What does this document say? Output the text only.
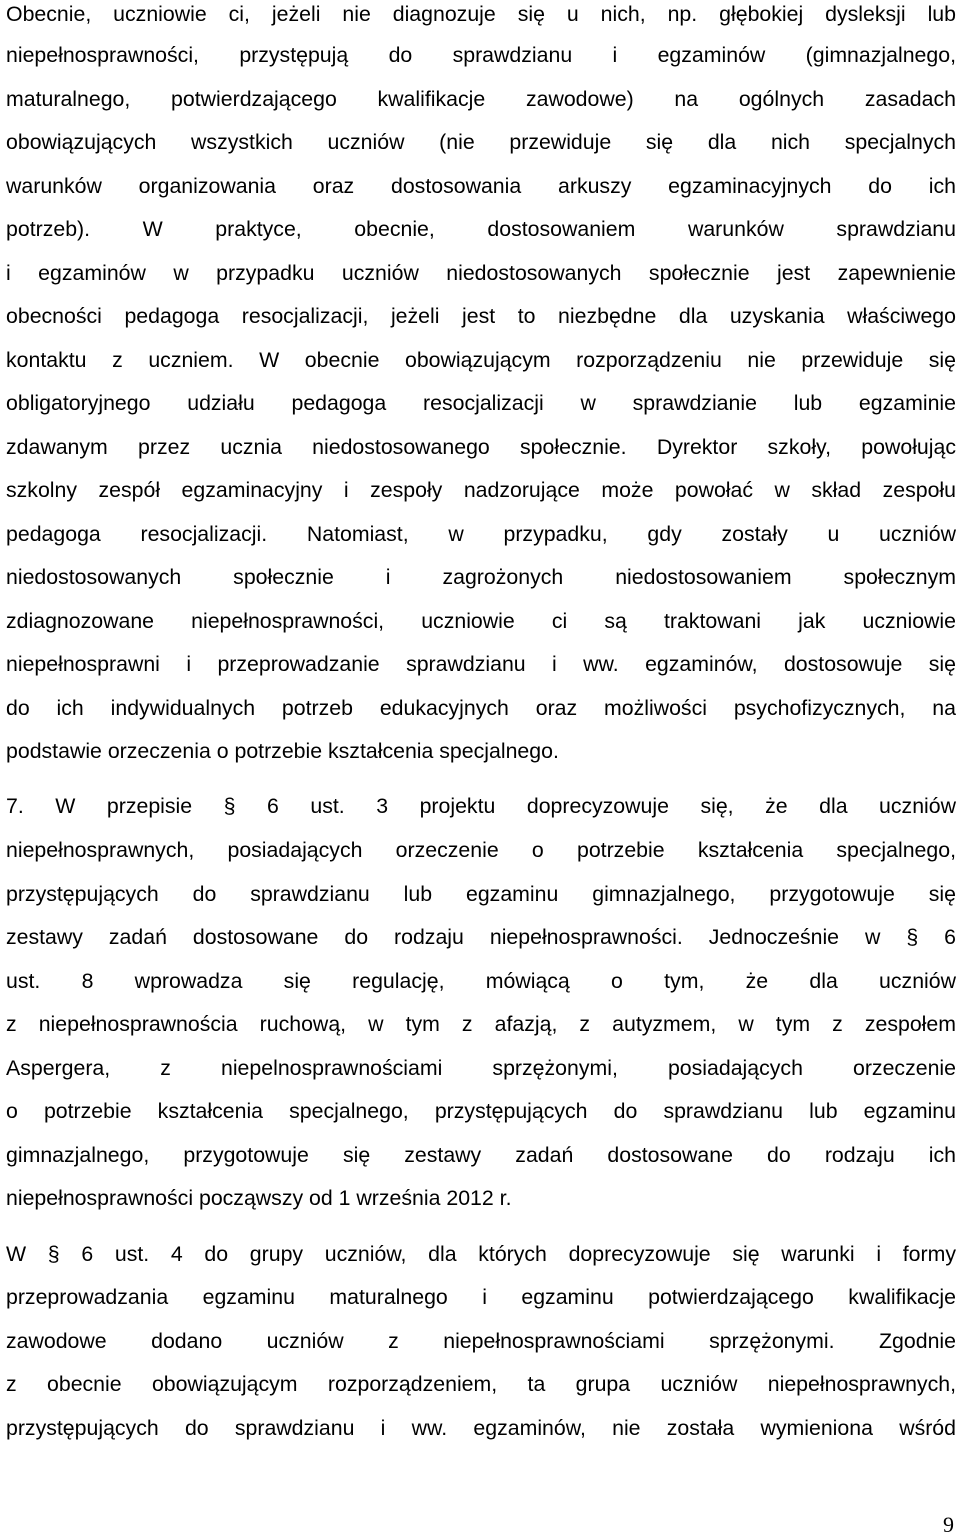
Obecnie, uczniowie ci, jeżeli nie diagnozuje się u nich, np. głębokiej dysleksji lub
niepełnosprawności, przystępują do sprawdzianu i egzaminów (gimnazjalnego,
maturalnego, potwierdzającego kwalifikacje zawodowe) na ogólnych zasadach
obowiązujących wszystkich uczniów (nie przewiduje się dla nich specjalnych
warunków organizowania oraz dostosowania arkuszy egzaminacyjnych do ich
potrzeb). W praktyce, obecnie, dostosowaniem warunków sprawdzianu
i egzaminów w przypadku uczniów niedostosowanych społecznie jest zapewnienie
obecności pedagoga resocjalizacji, jeżeli jest to niezbędne dla uzyskania właściwego
kontaktu z uczniem. W obecnie obowiązującym rozporządzeniu nie przewiduje się
obligatoryjnego udziału pedagoga resocjalizacji w sprawdzianie lub egzaminie
zdawanym przez ucznia niedostosowanego społecznie. Dyrektor szkoły, powołując
szkolny zespół egzaminacyjny i zespoły nadzorujące może powołać w skład zespołu
pedagoga resocjalizacji. Natomiast, w przypadku, gdy zostały u uczniów
niedostosowanych społecznie i zagrożonych niedostosowaniem społecznym
zdiagnozowane niepełnosprawności, uczniowie ci są traktowani jak uczniowie
niepełnosprawni i przeprowadzanie sprawdzianu i ww. egzaminów, dostosowuje się
do ich indywidualnych potrzeb edukacyjnych oraz możliwości psychofizycznych, na
podstawie orzeczenia o potrzebie kształcenia specjalnego.
7. W przepisie § 6 ust. 3 projektu doprecyzowuje się, że dla uczniów
niepełnosprawnych, posiadających orzeczenie o potrzebie kształcenia specjalnego,
przystępujących do sprawdzianu lub egzaminu gimnazjalnego, przygotowuje się
zestawy zadań dostosowane do rodzaju niepełnosprawności. Jednocześnie w § 6
ust. 8 wprowadza się regulację, mówiącą o tym, że dla uczniów
z niepełnosprawnościa ruchową, w tym z afazją, z autyzmem, w tym z zespołem
Aspergera, z niepelnosprawnościami sprzężonymi, posiadających orzeczenie
o potrzebie kształcenia specjalnego, przystępujących do sprawdzianu lub egzaminu
gimnazjalnego, przygotowuje się zestawy zadań dostosowane do rodzaju ich
niepełnosprawności począwszy od 1 września 2012 r.
W § 6 ust. 4 do grupy uczniów, dla których doprecyzowuje się warunki i formy
przeprowadzania egzaminu maturalnego i egzaminu potwierdzającego kwalifikacje
zawodowe dodano uczniów z niepełnosprawnościami sprzężonymi. Zgodnie
z obecnie obowiązującym rozporządzeniem, ta grupa uczniów niepełnosprawnych,
przystępujących do sprawdzianu i ww. egzaminów, nie została wymieniona wśród
9
